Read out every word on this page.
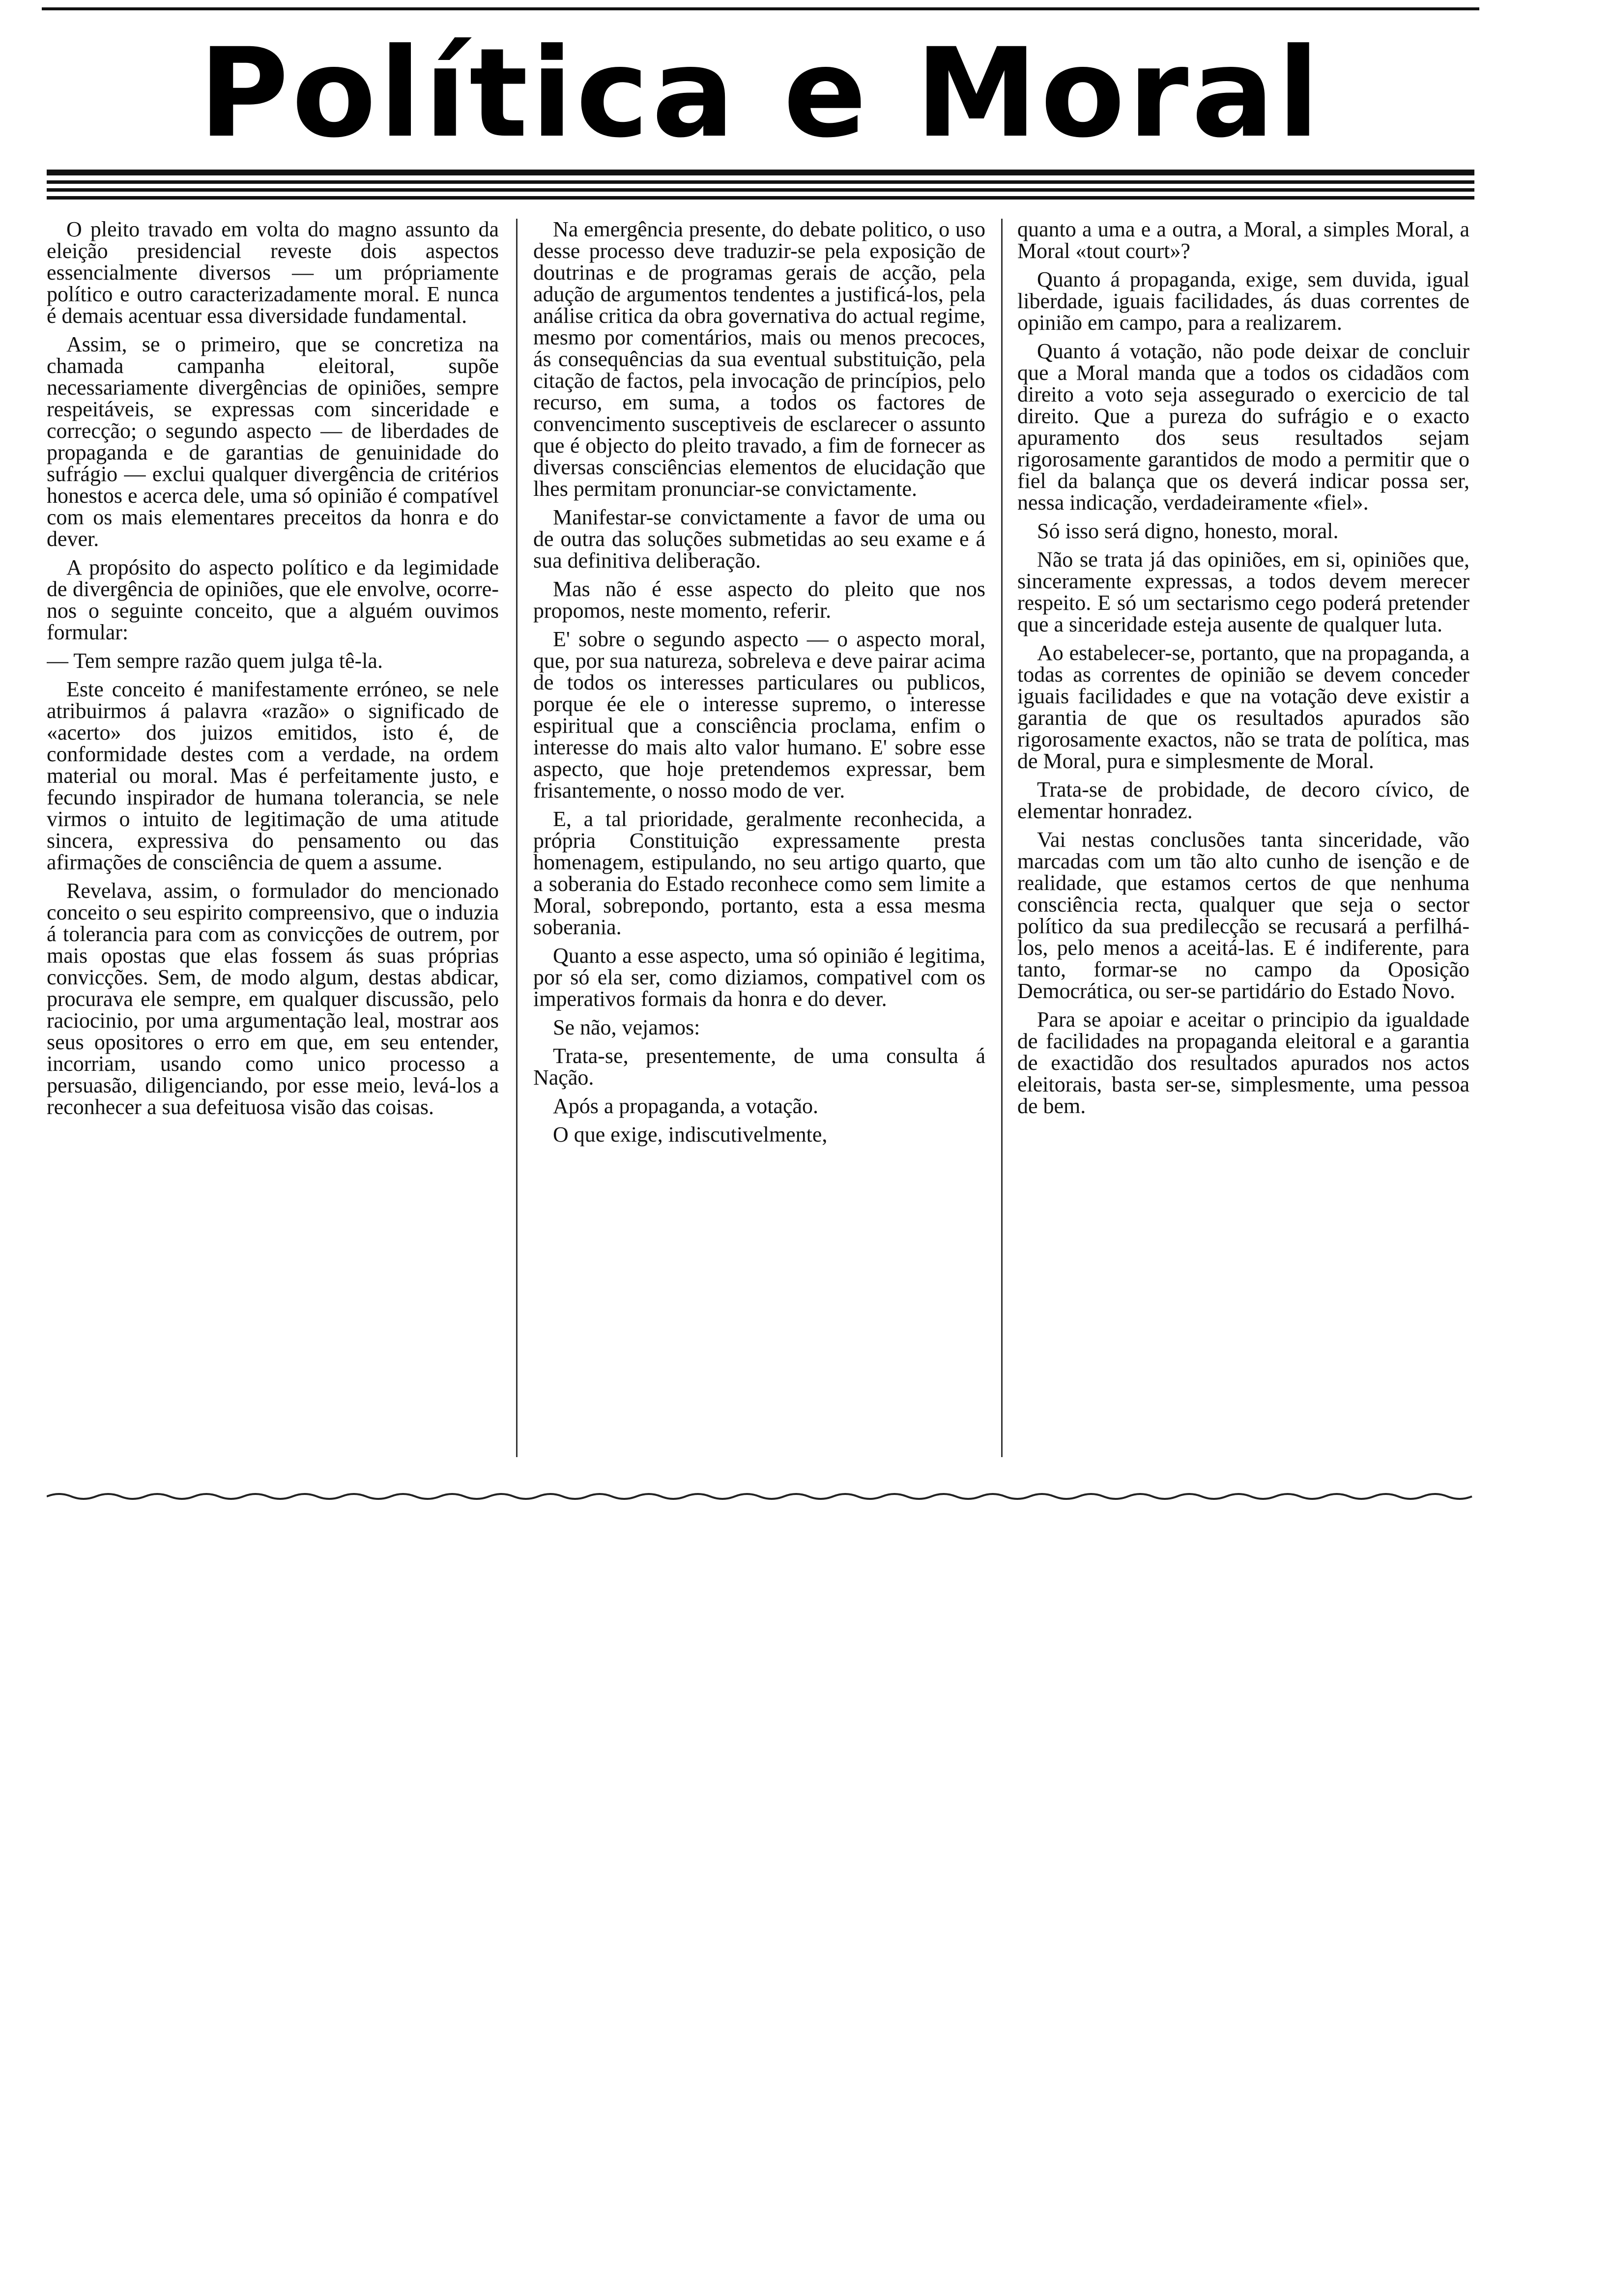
Política e Moral

O pleito travado em volta do magno assunto da eleição presidencial reveste dois aspectos essencialmente diversos — um própriamente político e outro caracterizadamente moral. E nunca é demais acentuar essa diversidade fundamental.

Assim, se o primeiro, que se concretiza na chamada campanha eleitoral, supõe necessariamente divergências de opiniões, sempre respeitáveis, se expressas com sinceridade e correcção; o segundo aspecto — de liberdades de propaganda e de garantias de genuinidade do sufrágio — exclui qualquer divergência de critérios honestos e acerca dele, uma só opinião é compatível com os mais elementares preceitos da honra e do dever.

A propósito do aspecto político e da legimidade de divergência de opiniões, que ele envolve, ocorre-nos o seguinte conceito, que a alguém ouvimos formular:

— Tem sempre razão quem julga tê-la.

Este conceito é manifestamente erróneo, se nele atribuirmos á palavra «razão» o significado de «acerto» dos juizos emitidos, isto é, de conformidade destes com a verdade, na ordem material ou moral. Mas é perfeitamente justo, e fecundo inspirador de humana tolerancia, se nele virmos o intuito de legitimação de uma atitude sincera, expressiva do pensamento ou das afirmações de consciência de quem a assume.

Revelava, assim, o formulador do mencionado conceito o seu espirito compreensivo, que o induzia á tolerancia para com as convicções de outrem, por mais opostas que elas fossem ás suas próprias convicções. Sem, de modo algum, destas abdicar, procurava ele sempre, em qualquer discussão, pelo raciocinio, por uma argumentação leal, mostrar aos seus opositores o erro em que, em seu entender, incorriam, usando como unico processo a persuasão, diligenciando, por esse meio, levá-los a reconhecer a sua defeituosa visão das coisas.

Na emergência presente, do debate politico, o uso desse processo deve traduzir-se pela exposição de doutrinas e de programas gerais de acção, pela adução de argumentos tendentes a justificá-los, pela análise critica da obra governativa do actual regime, mesmo por comentários, mais ou menos precoces, ás consequências da sua eventual substituição, pela citação de factos, pela invocação de princípios, pelo recurso, em suma, a todos os factores de convencimento susceptiveis de esclarecer o assunto que é objecto do pleito travado, a fim de fornecer as diversas consciências elementos de elucidação que lhes permitam pronunciar-se convictamente.

Manifestar-se convictamente a favor de uma ou de outra das soluções submetidas ao seu exame e á sua definitiva deliberação.

Mas não é esse aspecto do pleito que nos propomos, neste momento, referir.

E' sobre o segundo aspecto — o aspecto moral, que, por sua natureza, sobreleva e deve pairar acima de todos os interesses particulares ou publicos, porque ée ele o interesse supremo, o interesse espiritual que a consciência proclama, enfim o interesse do mais alto valor humano. E' sobre esse aspecto, que hoje pretendemos expressar, bem frisantemente, o nosso modo de ver.

E, a tal prioridade, geralmente reconhecida, a própria Constituição expressamente presta homenagem, estipulando, no seu artigo quarto, que a soberania do Estado reconhece como sem limite a Moral, sobrepondo, portanto, esta a essa mesma soberania.

Quanto a esse aspecto, uma só opinião é legitima, por só ela ser, como diziamos, compativel com os imperativos formais da honra e do dever.

Se não, vejamos:

Trata-se, presentemente, de uma consulta á Nação.

Após a propaganda, a votação.

O que exige, indiscutivelmente,

quanto a uma e a outra, a Moral, a simples Moral, a Moral «tout court»?

Quanto á propaganda, exige, sem duvida, igual liberdade, iguais facilidades, ás duas correntes de opinião em campo, para a realizarem.

Quanto á votação, não pode deixar de concluir que a Moral manda que a todos os cidadãos com direito a voto seja assegurado o exercicio de tal direito. Que a pureza do sufrágio e o exacto apuramento dos seus resultados sejam rigorosamente garantidos de modo a permitir que o fiel da balança que os deverá indicar possa ser, nessa indicação, verdadeiramente «fiel».

Só isso será digno, honesto, moral.

Não se trata já das opiniões, em si, opiniões que, sinceramente expressas, a todos devem merecer respeito. E só um sectarismo cego poderá pretender que a sinceridade esteja ausente de qualquer luta.

Ao estabelecer-se, portanto, que na propaganda, a todas as correntes de opinião se devem conceder iguais facilidades e que na votação deve existir a garantia de que os resultados apurados são rigorosamente exactos, não se trata de política, mas de Moral, pura e simplesmente de Moral.

Trata-se de probidade, de decoro cívico, de elementar honradez.

Vai nestas conclusões tanta sinceridade, vão marcadas com um tão alto cunho de isenção e de realidade, que estamos certos de que nenhuma consciência recta, qualquer que seja o sector político da sua predilecção se recusará a perfilhá-los, pelo menos a aceitá-las. E é indiferente, para tanto, formar-se no campo da Oposição Democrática, ou ser-se partidário do Estado Novo.

Para se apoiar e aceitar o principio da igualdade de facilidades na propaganda eleitoral e a garantia de exactidão dos resultados apurados nos actos eleitorais, basta ser-se, simplesmente, uma pessoa de bem.
